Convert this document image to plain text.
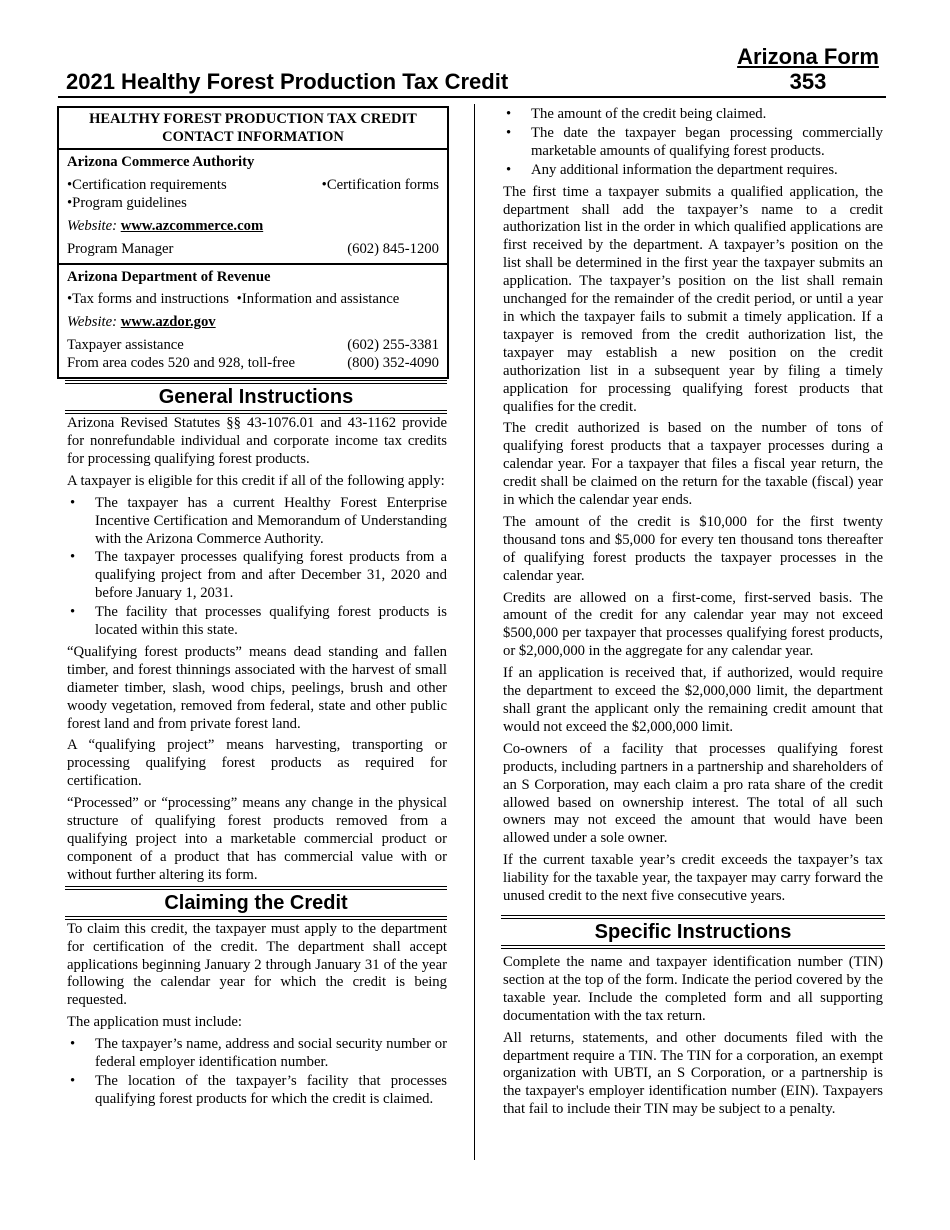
Arizona Form
353
2021 Healthy Forest Production Tax Credit
HEALTHY FOREST PRODUCTION TAX CREDIT
CONTACT INFORMATION
Arizona Commerce Authority
• Certification requirements
•	Certification forms
• Program guidelines
Website: www.azcommerce.com
Program Manager	(602) 845-1200
Arizona Department of Revenue
•Tax forms and instructions •Information and assistance
Website: www.azdor.gov
Taxpayer assistance	(602) 255-3381
From area codes 520 and 928, toll-free	(800) 352-4090
General Instructions

Arizona Revised Statutes §§ 43-1076.01 and 43-1162 provide for nonrefundable individual and corporate income tax credits for processing qualifying forest products.

A taxpayer is eligible for this credit if all of the following apply:

• The taxpayer has a current Healthy Forest Enterprise Incentive Certification and Memorandum of Understanding with the Arizona Commerce Authority.
• The taxpayer processes qualifying forest products from a qualifying project from and after December 31, 2020 and before January 1, 2031.
• The facility that processes qualifying forest products is located within this state.

“Qualifying forest products” means dead standing and fallen timber, and forest thinnings associated with the harvest of small diameter timber, slash, wood chips, peelings, brush and other woody vegetation, removed from federal, state and other public forest land and from private forest land.

A “qualifying project” means harvesting, transporting or processing qualifying forest products as required for certification.

“Processed” or “processing” means any change in the physical structure of qualifying forest products removed from a qualifying project into a marketable commercial product or component of a product that has commercial value with or without further altering its form.

Claiming the Credit

To claim this credit, the taxpayer must apply to the department for certification of the credit. The department shall accept applications beginning January 2 through January 31 of the year following the calendar year for which the credit is being requested.

The application must include:

• The taxpayer’s name, address and social security number or federal employer identification number.
• The location of the taxpayer’s facility that processes qualifying forest products for which the credit is claimed.
• The amount of the credit being claimed.
• The date the taxpayer began processing commercially marketable amounts of qualifying forest products.
• Any additional information the department requires.

The first time a taxpayer submits a qualified application, the department shall add the taxpayer’s name to a credit authorization list in the order in which qualified applications are first received by the department. A taxpayer’s position on the list shall be determined in the first year the taxpayer submits an application. The taxpayer’s position on the list shall remain unchanged for the remainder of the credit period, or until a year in which the taxpayer fails to submit a timely application. If a taxpayer is removed from the credit authorization list, the taxpayer may establish a new position on the credit authorization list in a subsequent year by filing a timely application for processing qualifying forest products that qualifies for the credit.

The credit authorized is based on the number of tons of qualifying forest products that a taxpayer processes during a calendar year. For a taxpayer that files a fiscal year return, the credit shall be claimed on the return for the taxable (fiscal) year in which the calendar year ends.

The amount of the credit is $10,000 for the first twenty thousand tons and $5,000 for every ten thousand tons thereafter of qualifying forest products the taxpayer processes in the calendar year.

Credits are allowed on a first-come, first-served basis. The amount of the credit for any calendar year may not exceed $500,000 per taxpayer that processes qualifying forest products, or $2,000,000 in the aggregate for any calendar year.

If an application is received that, if authorized, would require the department to exceed the $2,000,000 limit, the department shall grant the applicant only the remaining credit amount that would not exceed the $2,000,000 limit.

Co-owners of a facility that processes qualifying forest products, including partners in a partnership and shareholders of an S Corporation, may each claim a pro rata share of the credit allowed based on ownership interest. The total of all such owners may not exceed the amount that would have been allowed under a sole owner.

If the current taxable year’s credit exceeds the taxpayer’s tax liability for the taxable year, the taxpayer may carry forward the unused credit to the next five consecutive years.

Specific Instructions

Complete the name and taxpayer identification number (TIN) section at the top of the form. Indicate the period covered by the taxable year. Include the completed form and all supporting documentation with the tax return.

All returns, statements, and other documents filed with the department require a TIN. The TIN for a corporation, an exempt organization with UBTI, an S Corporation, or a partnership is the taxpayer's employer identification number (EIN). Taxpayers that fail to include their TIN may be subject to a penalty.
